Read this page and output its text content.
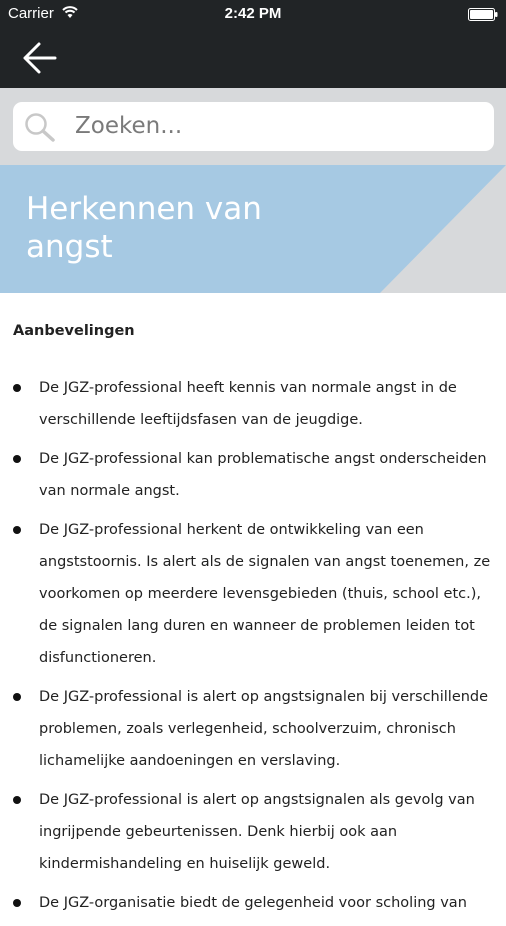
Carrier	2:42 PM
Zoeken...
Herkennen van angst
Aanbevelingen
De JGZ-professional heeft kennis van normale angst in de verschillende leeftijdsfasen van de jeugdige.
De JGZ-professional kan problematische angst onderscheiden van normale angst.
De JGZ-professional herkent de ontwikkeling van een angststoornis. Is alert als de signalen van angst toenemen, ze voorkomen op meerdere levensgebieden (thuis, school etc.), de signalen lang duren en wanneer de problemen leiden tot disfunctioneren.
De JGZ-professional is alert op angstsignalen bij verschillende problemen, zoals verlegenheid, schoolverzuim, chronisch lichamelijke aandoeningen en verslaving.
De JGZ-professional is alert op angstsignalen als gevolg van ingrijpende gebeurtenissen. Denk hierbij ook aan kindermishandeling en huiselijk geweld.
De JGZ-organisatie biedt de gelegenheid voor scholing van
